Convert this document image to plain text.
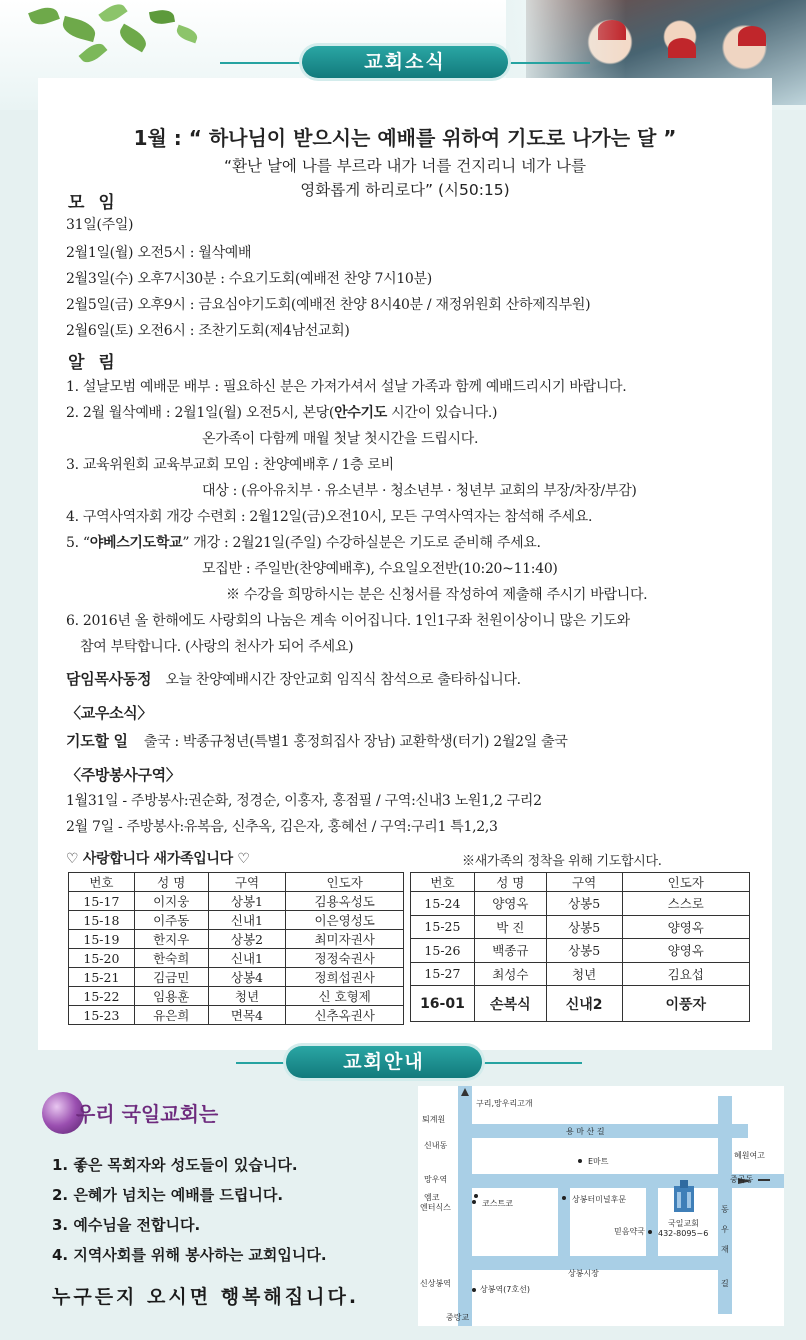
교회소식
1월 : “ 하나님이 받으시는 예배를 위하여 기도로 나가는 달 ”
“환난 날에 나를 부르라 내가 너를 건지리니 네가 나를
영화롭게 하리로다” (시50:15)
모 임
31일(주일)
2월1일(월) 오전5시 : 월삭예배
2월3일(수) 오후7시30분 : 수요기도회(예배전 찬양 7시10분)
2월5일(금) 오후9시 : 금요심야기도회(예배전 찬양 8시40분 / 재정위원회 산하제직부원)
2월6일(토) 오전6시 : 조찬기도회(제4남선교회)
알 림
1. 설날모범 예배문 배부 : 필요하신 분은 가져가셔서 설날 가족과 함께 예배드리시기 바랍니다.
2. 2월 월삭예배 : 2월1일(월) 오전5시, 본당(안수기도 시간이 있습니다.)
온가족이 다함께 매월 첫날 첫시간을 드립시다.
3. 교육위원회 교육부교회 모임 : 찬양예배후 / 1층 로비
대상 : (유아유치부 · 유소년부 · 청소년부 · 청년부 교회의 부장/차장/부감)
4. 구역사역자회 개강 수련회 : 2월12일(금)오전10시, 모든 구역사역자는 참석해 주세요.
5. “야베스기도학교” 개강 : 2월21일(주일) 수강하실분은 기도로 준비해 주세요.
모집반 : 주일반(찬양예배후), 수요일오전반(10:20~11:40)
※ 수강을 희망하시는 분은 신청서를 작성하여 제출해 주시기 바랍니다.
6. 2016년 올 한해에도 사랑회의 나눔은 계속 이어집니다. 1인1구좌 천원이상이니 많은 기도와
참여 부탁합니다. (사랑의 천사가 되어 주세요)
담임목사동정 오늘 찬양예배시간 장안교회 임직식 참석으로 출타하십니다.
〈교우소식〉
기도할 일 출국 : 박종규청년(특별1 홍정희집사 장남) 교환학생(터기) 2월2일 출국
〈주방봉사구역〉
1월31일 - 주방봉사:권순화, 정경순, 이홍자, 홍점필 / 구역:신내3 노원1,2 구리2
2월 7일 - 주방봉사:유복음, 신추옥, 김은자, 홍혜선 / 구역:구리1 특1,2,3
♡ 사랑합니다 새가족입니다 ♡	※새가족의 정착을 위해 기도합시다.
번호	성 명	구역	인도자
15-17	이지웅	상봉1	김용옥성도
15-18	이주동	신내1	이은영성도
15-19	한지우	상봉2	최미자권사
15-20	한숙희	신내1	정정숙권사
15-21	김금민	상봉4	정희섭권사
15-22	임용훈	청년	신 호형제
15-23	유은희	면목4	신추옥권사
번호	성 명	구역	인도자
15-24	양영옥	상봉5	스스로
15-25	박 진	상봉5	양영옥
15-26	백종규	상봉5	양영옥
15-27	최성수	청년	김요섭
16-01	손복식	신내2	이풍자
교회안내
우리 국일교회는
1. 좋은 목회자와 성도들이 있습니다.
2. 은혜가 넘치는 예배를 드립니다.
3. 예수님을 전합니다.
4. 지역사회를 위해 봉사하는 교회입니다.
누구든지 오시면 행복해집니다.
구리,망우리고개
퇴계원
용 마 산 길
신내동
E마트
혜원여고
망우역	중곡동
엠코
엔터식스	코스트코	상봉터미널후문
국일교회
432-8095~6
믿음약국
동
우
재
길
상봉시장
신상봉역
상봉역(7호선)
중랑교
